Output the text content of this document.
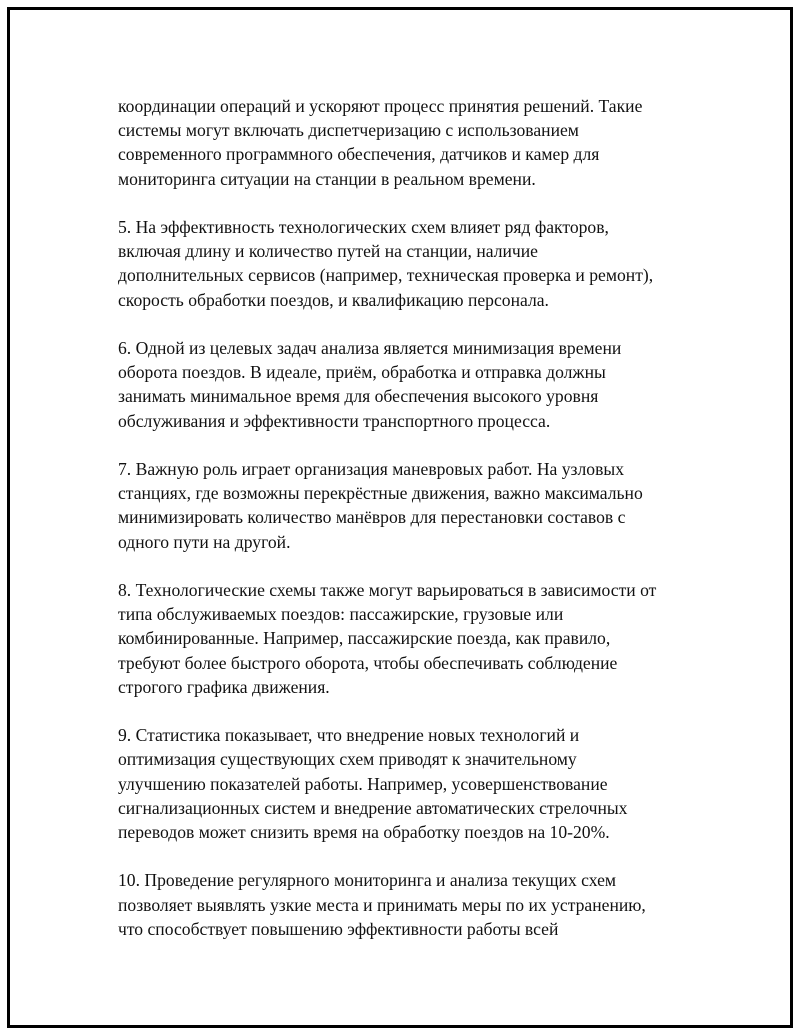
координации операций и ускоряют процесс принятия решений. Такие
системы могут включать диспетчеризацию с использованием
современного программного обеспечения, датчиков и камер для
мониторинга ситуации на станции в реальном времени.

5. На эффективность технологических схем влияет ряд факторов,
включая длину и количество путей на станции, наличие
дополнительных сервисов (например, техническая проверка и ремонт),
скорость обработки поездов, и квалификацию персонала.

6. Одной из целевых задач анализа является минимизация времени
оборота поездов. В идеале, приём, обработка и отправка должны
занимать минимальное время для обеспечения высокого уровня
обслуживания и эффективности транспортного процесса.

7. Важную роль играет организация маневровых работ. На узловых
станциях, где возможны перекрёстные движения, важно максимально
минимизировать количество манёвров для перестановки составов с
одного пути на другой.

8. Технологические схемы также могут варьироваться в зависимости от
типа обслуживаемых поездов: пассажирские, грузовые или
комбинированные. Например, пассажирские поезда, как правило,
требуют более быстрого оборота, чтобы обеспечивать соблюдение
строгого графика движения.

9. Статистика показывает, что внедрение новых технологий и
оптимизация существующих схем приводят к значительному
улучшению показателей работы. Например, усовершенствование
сигнализационных систем и внедрение автоматических стрелочных
переводов может снизить время на обработку поездов на 10-20%.

10. Проведение регулярного мониторинга и анализа текущих схем
позволяет выявлять узкие места и принимать меры по их устранению,
что способствует повышению эффективности работы всей
